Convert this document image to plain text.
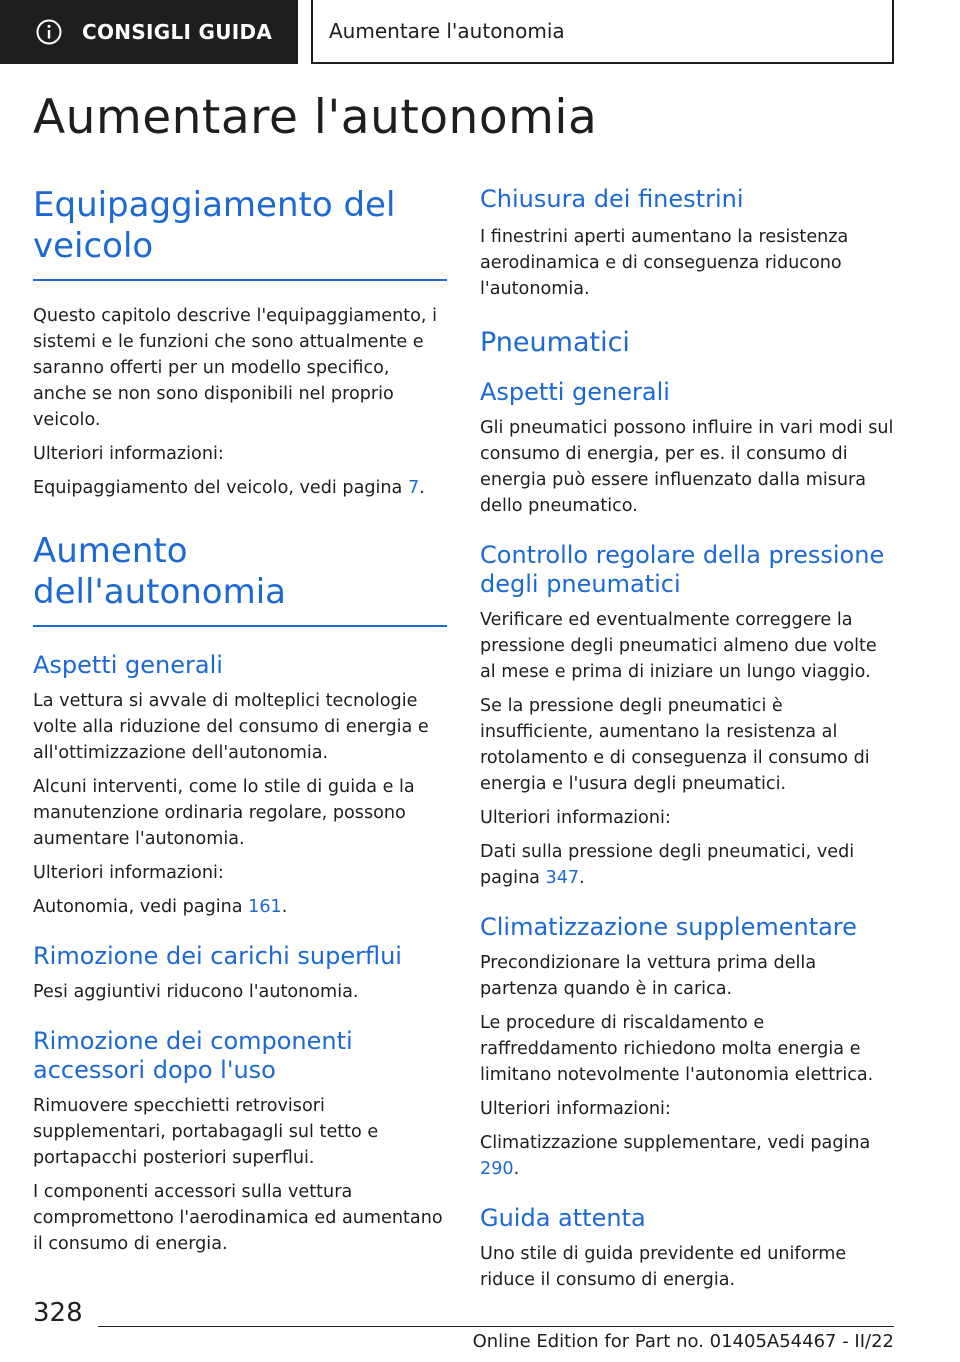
CONSIGLI GUIDA	Aumentare l'autonomia
Aumentare l'autonomia
Equipaggiamento del veicolo

Questo capitolo descrive l'equipaggiamento, i sistemi e le funzioni che sono attualmente e saranno offerti per un modello specifico, anche se non sono disponibili nel proprio veicolo.

Ulteriori informazioni:

Equipaggiamento del veicolo, vedi pagina 7.

Aumento dell'autonomia
Aspetti generali

La vettura si avvale di molteplici tecnologie volte alla riduzione del consumo di energia e all'ottimizzazione dell'autonomia.

Alcuni interventi, come lo stile di guida e la manutenzione ordinaria regolare, possono aumentare l'autonomia.

Ulteriori informazioni:

Autonomia, vedi pagina 161.

Rimozione dei carichi superflui

Pesi aggiuntivi riducono l'autonomia.

Rimozione dei componenti accessori dopo l'uso

Rimuovere specchietti retrovisori supplementari, portabagagli sul tetto e portapacchi posteriori superflui.

I componenti accessori sulla vettura compromettono l'aerodinamica ed aumentano il consumo di energia.

Chiusura dei finestrini

I finestrini aperti aumentano la resistenza aerodinamica e di conseguenza riducono l'autonomia.

Pneumatici
Aspetti generali

Gli pneumatici possono influire in vari modi sul consumo di energia, per es. il consumo di energia può essere influenzato dalla misura dello pneumatico.

Controllo regolare della pressione degli pneumatici

Verificare ed eventualmente correggere la pressione degli pneumatici almeno due volte al mese e prima di iniziare un lungo viaggio.

Se la pressione degli pneumatici è insufficiente, aumentano la resistenza al rotolamento e di conseguenza il consumo di energia e l'usura degli pneumatici.

Ulteriori informazioni:

Dati sulla pressione degli pneumatici, vedi pagina 347.

Climatizzazione supplementare

Precondizionare la vettura prima della partenza quando è in carica.

Le procedure di riscaldamento e raffreddamento richiedono molta energia e limitano notevolmente l'autonomia elettrica.

Ulteriori informazioni:

Climatizzazione supplementare, vedi pagina 290.

Guida attenta

Uno stile di guida previdente ed uniforme riduce il consumo di energia.

328
Online Edition for Part no. 01405A54467 - II/22
